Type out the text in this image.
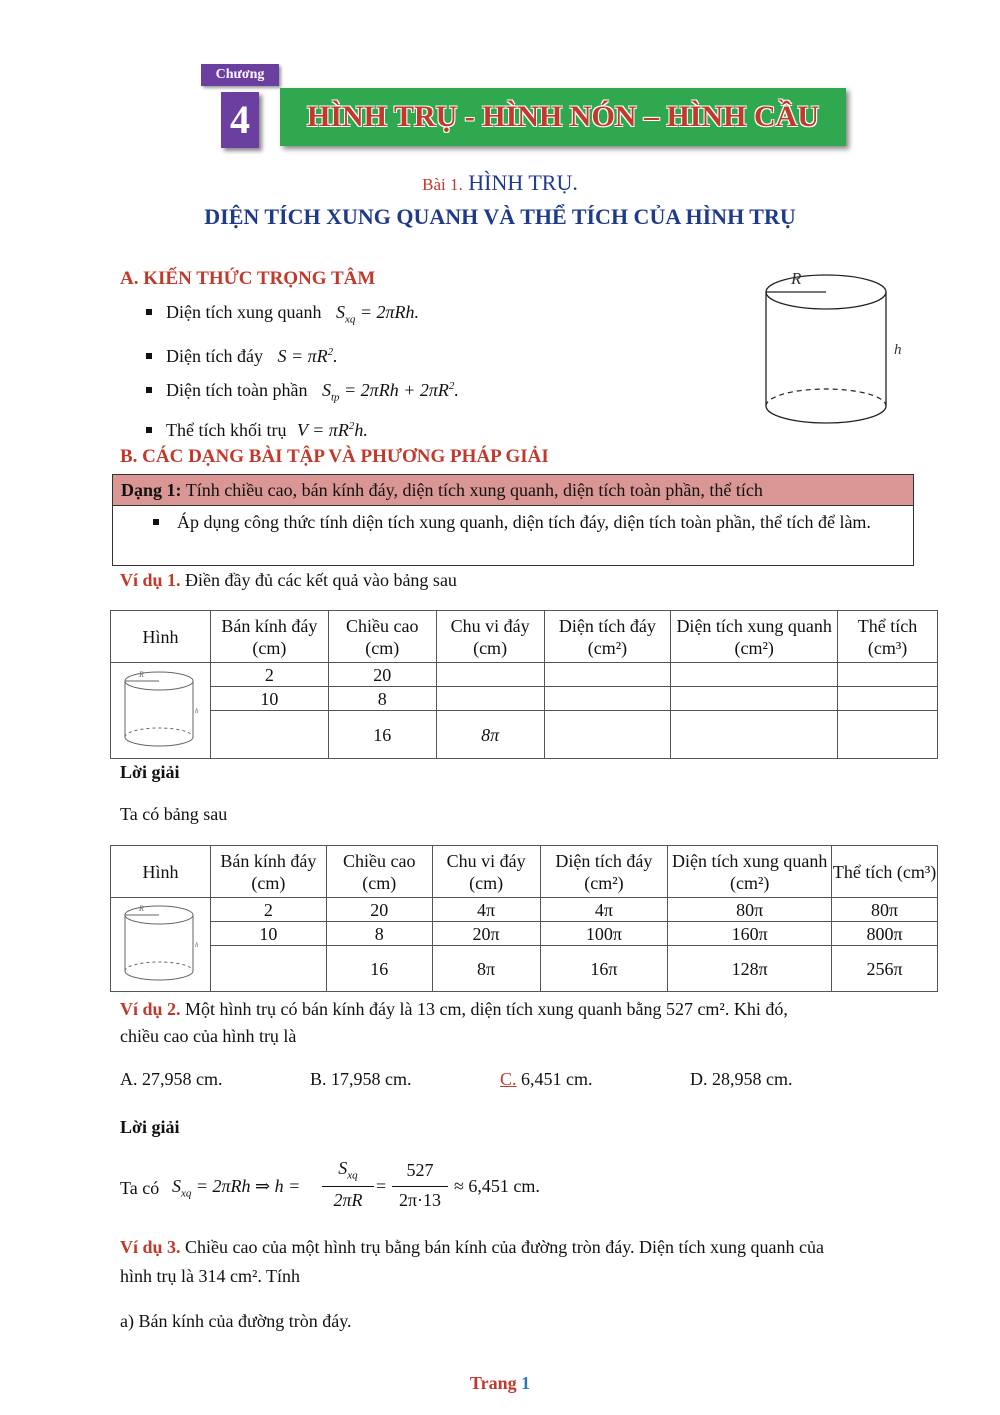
Chương
4	HÌNH TRỤ - HÌNH NÓN – HÌNH CẦU
Bài 1. HÌNH TRỤ.
DIỆN TÍCH XUNG QUANH VÀ THỂ TÍCH CỦA HÌNH TRỤ
A. KIẾN THỨC TRỌNG TÂM
Diện tích xung quanh $S_{xq} = 2\pi Rh$.
Diện tích đáy $S = \pi R^2$.
Diện tích toàn phần $S_{tp} = 2\pi Rh + 2\pi R^2$.
Thể tích khối trụ $V = \pi R^2h$.
R
h
B. CÁC DẠNG BÀI TẬP VÀ PHƯƠNG PHÁP GIẢI
Dạng 1: Tính chiều cao, bán kính đáy, diện tích xung quanh, diện tích toàn phần, thể tích
Áp dụng công thức tính diện tích xung quanh, diện tích đáy, diện tích toàn phần, thể tích để làm.
Ví dụ 1. Điền đầy đủ các kết quả vào bảng sau
Hình	Bán kính đáy (cm)	Chiều cao (cm)	Chu vi đáy (cm)	Diện tích đáy (cm²)	Diện tích xung quanh (cm²)	Thể tích (cm³)

R
h	2	20				
	10	8				
		16	8π			
Lời giải
Ta có bảng sau
Hình	Bán kính đáy (cm)	Chiều cao (cm)	Chu vi đáy (cm)	Diện tích đáy (cm²)	Diện tích xung quanh (cm²)	Thể tích (cm³)

R
h	2	20	4π	4π	80π	80π
	10	8	20π	100π	160π	800π
		16	8π	16π	128π	256π
Ví dụ 2. Một hình trụ có bán kính đáy là 13 cm, diện tích xung quanh bằng 527 cm². Khi đó,
chiều cao của hình trụ là
A. 27,958 cm.	B. 17,958 cm.	C. 6,451 cm.	D. 28,958 cm.
Lời giải
Ta có $S_{xq} = 2\pi Rh$ ⇒ h =
$S_{xq}$
2πR
=
527
2π·13
≈ 6,451 cm.
Ví dụ 3. Chiều cao của một hình trụ bằng bán kính của đường tròn đáy. Diện tích xung quanh của
hình trụ là 314 cm². Tính
a) Bán kính của đường tròn đáy.
Trang 1
